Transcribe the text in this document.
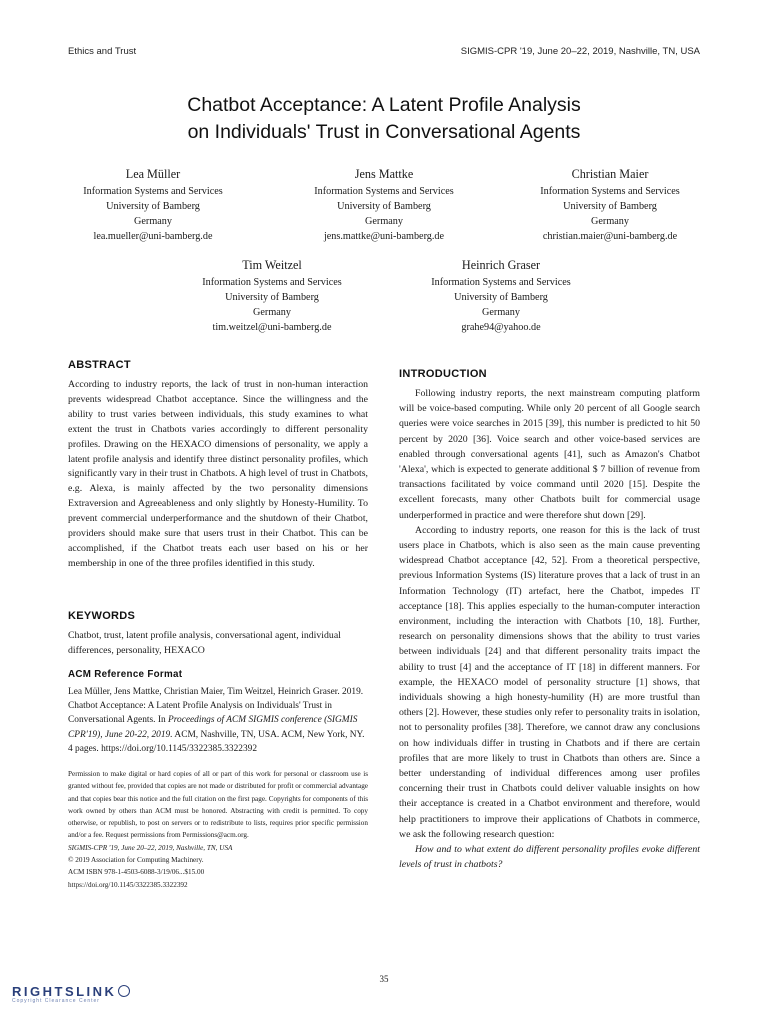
Ethics and Trust	SIGMIS-CPR '19, June 20–22, 2019, Nashville, TN, USA
Chatbot Acceptance: A Latent Profile Analysis
on Individuals' Trust in Conversational Agents
Lea Müller
Information Systems and Services
University of Bamberg
Germany
lea.mueller@uni-bamberg.de
Jens Mattke
Information Systems and Services
University of Bamberg
Germany
jens.mattke@uni-bamberg.de
Christian Maier
Information Systems and Services
University of Bamberg
Germany
christian.maier@uni-bamberg.de
Tim Weitzel
Information Systems and Services
University of Bamberg
Germany
tim.weitzel@uni-bamberg.de
Heinrich Graser
Information Systems and Services
University of Bamberg
Germany
grahe94@yahoo.de
ABSTRACT

According to industry reports, the lack of trust in non-human interaction prevents widespread Chatbot acceptance. Since the willingness and the ability to trust varies between individuals, this study examines to what extent the trust in Chatbots varies accordingly to different personality profiles. Drawing on the HEXACO dimensions of personality, we apply a latent profile analysis and identify three distinct personality profiles, which significantly vary in their trust in Chatbots. A high level of trust in Chatbots, e.g. Alexa, is mainly affected by the two personality dimensions Extraversion and Agreeableness and only slightly by Honesty-Humility. To prevent commercial underperformance and the shutdown of their Chatbot, providers should make sure that users trust in their Chatbot. This can be accomplished, if the Chatbot treats each user based on his or her membership in one of the three profiles identified in this study.

KEYWORDS

Chatbot, trust, latent profile analysis, conversational agent, individual differences, personality, HEXACO

ACM Reference Format

Lea Müller, Jens Mattke, Christian Maier, Tim Weitzel, Heinrich Graser. 2019. Chatbot Acceptance: A Latent Profile Analysis on Individuals' Trust in Conversational Agents. In Proceedings of ACM SIGMIS conference (SIGMIS CPR'19), June 20-22, 2019. ACM, Nashville, TN, USA. ACM, New York, NY. 4 pages. https://doi.org/10.1145/3322385.3322392

Permission to make digital or hard copies of all or part of this work for personal or classroom use is granted without fee, provided that copies are not made or distributed for profit or commercial advantage and that copies bear this notice and the full citation on the first page. Copyrights for components of this work owned by others than ACM must be honored. Abstracting with credit is permitted. To copy otherwise, or republish, to post on servers or to redistribute to lists, requires prior specific permission and/or a fee. Request permissions from Permissions@acm.org.

SIGMIS-CPR '19, June 20–22, 2019, Nashville, TN, USA

© 2019 Association for Computing Machinery.

ACM ISBN 978-1-4503-6088-3/19/06...$15.00

https://doi.org/10.1145/3322385.3322392

INTRODUCTION

Following industry reports, the next mainstream computing platform will be voice-based computing. While only 20 percent of all Google search queries were voice searches in 2015 [39], this number is predicted to hit 50 percent by 2020 [36]. Voice search and other voice-based services are enabled through conversational agents [41], such as Amazon's Chatbot 'Alexa', which is expected to generate additional $ 7 billion of revenue from transactions facilitated by voice command until 2020 [15]. Despite the excellent forecasts, many other Chatbots built for commercial usage underperformed in practice and were therefore shut down [29].

According to industry reports, one reason for this is the lack of trust users place in Chatbots, which is also seen as the main cause preventing widespread Chatbot acceptance [42, 52]. From a theoretical perspective, previous Information Systems (IS) literature proves that a lack of trust in an Information Technology (IT) artefact, here the Chatbot, impedes IT acceptance [18]. This applies especially to the human-computer interaction environment, including the interaction with Chatbots [10, 18]. Further, research on personality dimensions shows that the ability to trust varies between individuals [24] and that different personality traits impact the ability to trust [4] and the acceptance of IT [18] in different manners. For example, the HEXACO model of personality structure [1] shows, that individuals showing a high honesty-humility (H) are more trustful than others [2]. However, these studies only refer to personality traits in isolation, not to personality profiles [38]. Therefore, we cannot draw any conclusions on how individuals differ in trusting in Chatbots and if there are certain profiles that are more likely to trust in Chatbots than others are. Since a better understanding of individual differences among user profiles concerning their trust in Chatbots could deliver valuable insights on how their acceptance is created in a Chatbot environment and therefore, would help practitioners to improve their applications of Chatbots in commerce, we ask the following research question:

How and to what extent do different personality profiles evoke different levels of trust in chatbots?

35
RIGHTSLINK
Copyright Clearance Center
